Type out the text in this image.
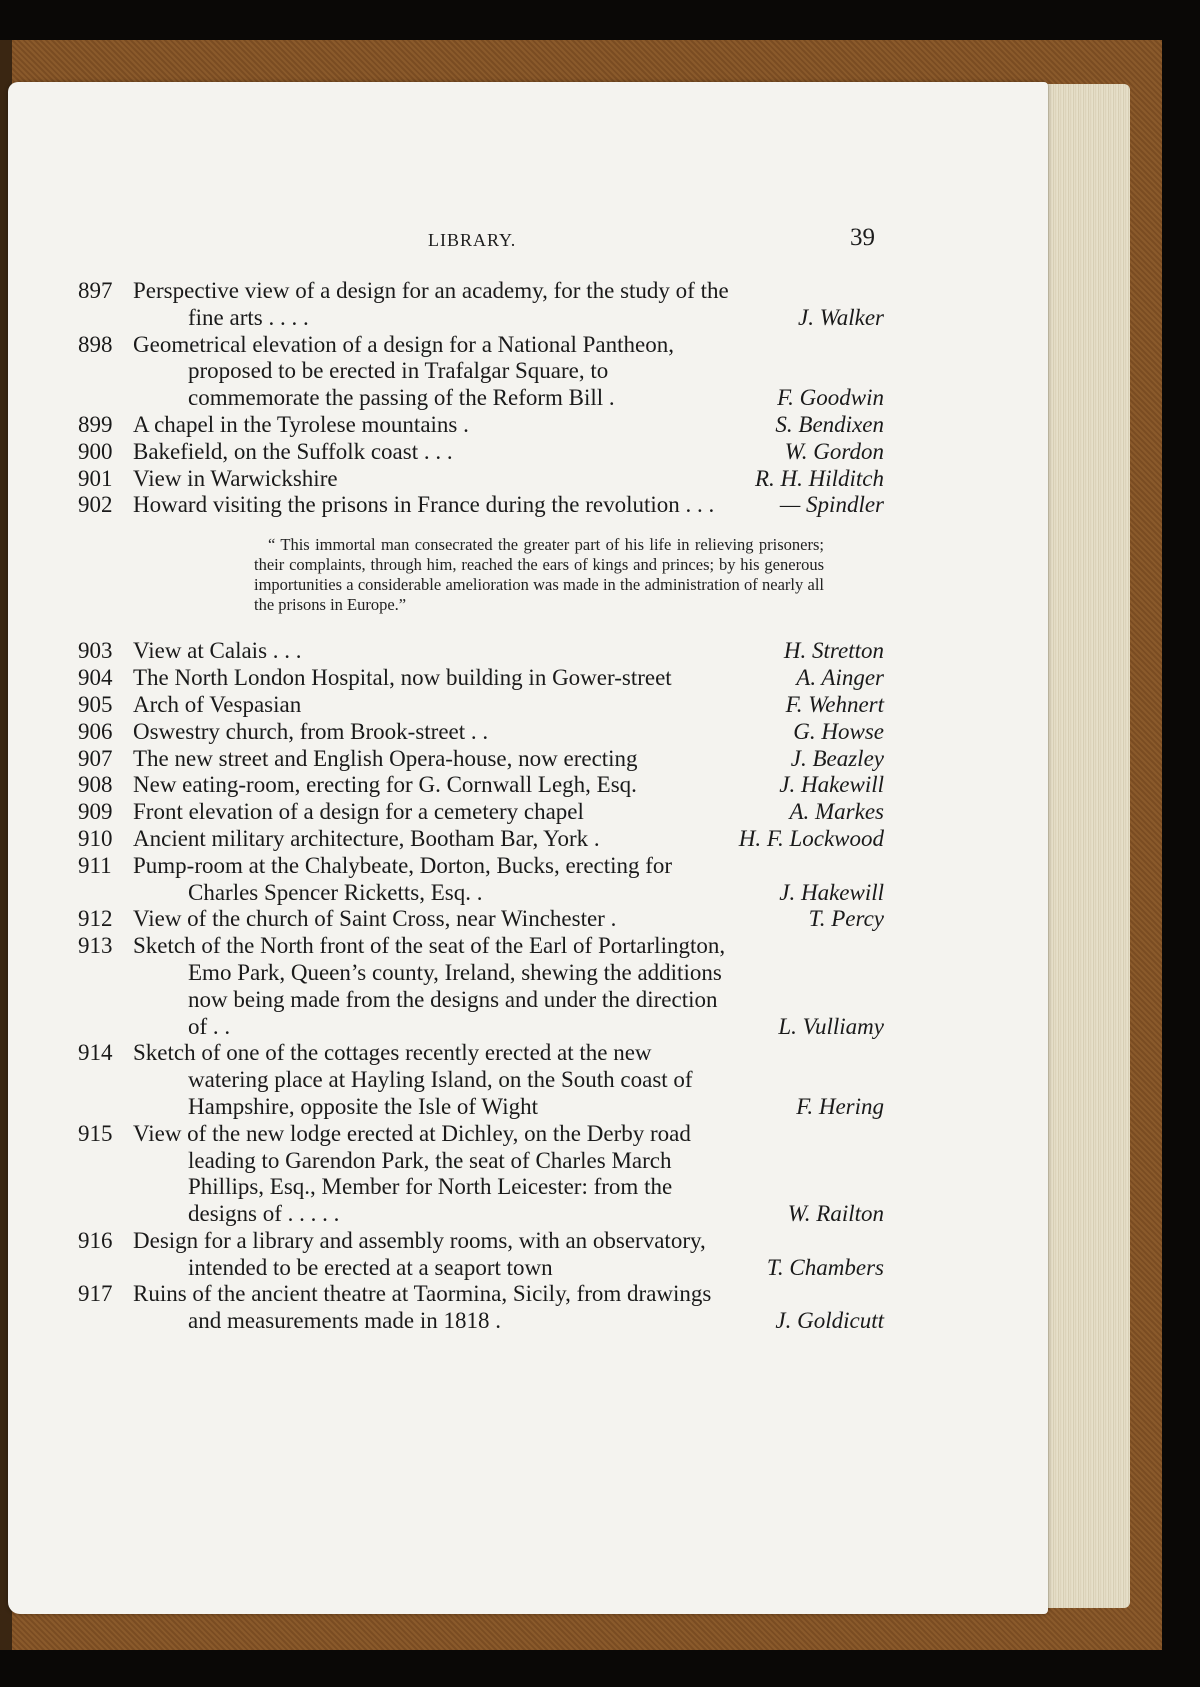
LIBRARY.	39
897 Perspective view of a design for an academy, for the study of the fine arts . . . .	J. Walker
898 Geometrical elevation of a design for a National Pantheon, proposed to be erected in Trafalgar Square, to commemorate the passing of the Reform Bill .	F. Goodwin
899 A chapel in the Tyrolese mountains .	S. Bendixen
900 Bakefield, on the Suffolk coast . . .	W. Gordon
901 View in Warwickshire	R. H. Hilditch
902 Howard visiting the prisons in France during the revolution . . .	— Spindler
“ This immortal man consecrated the greater part of his life in relieving prisoners; their complaints, through him, reached the ears of kings and princes; by his generous importunities a considerable amelioration was made in the administration of nearly all the prisons in Europe.”
903 View at Calais . . .	H. Stretton
904 The North London Hospital, now building in Gower-street	A. Ainger
905 Arch of Vespasian	F. Wehnert
906 Oswestry church, from Brook-street . .	G. Howse
907 The new street and English Opera-house, now erecting	J. Beazley
908 New eating-room, erecting for G. Cornwall Legh, Esq.	J. Hakewill
909 Front elevation of a design for a cemetery chapel	A. Markes
910 Ancient military architecture, Bootham Bar, York .	H. F. Lockwood
911 Pump-room at the Chalybeate, Dorton, Bucks, erecting for Charles Spencer Ricketts, Esq. .	J. Hakewill
912 View of the church of Saint Cross, near Winchester .	T. Percy
913 Sketch of the North front of the seat of the Earl of Portarlington, Emo Park, Queen’s county, Ireland, shewing the additions now being made from the designs and under the direction of . .	L. Vulliamy
914 Sketch of one of the cottages recently erected at the new watering place at Hayling Island, on the South coast of Hampshire, opposite the Isle of Wight	F. Hering
915 View of the new lodge erected at Dichley, on the Derby road leading to Garendon Park, the seat of Charles March Phillips, Esq., Member for North Leicester: from the designs of . . . . .	W. Railton
916 Design for a library and assembly rooms, with an observatory, intended to be erected at a seaport town	T. Chambers
917 Ruins of the ancient theatre at Taormina, Sicily, from drawings and measurements made in 1818 .	J. Goldicutt
